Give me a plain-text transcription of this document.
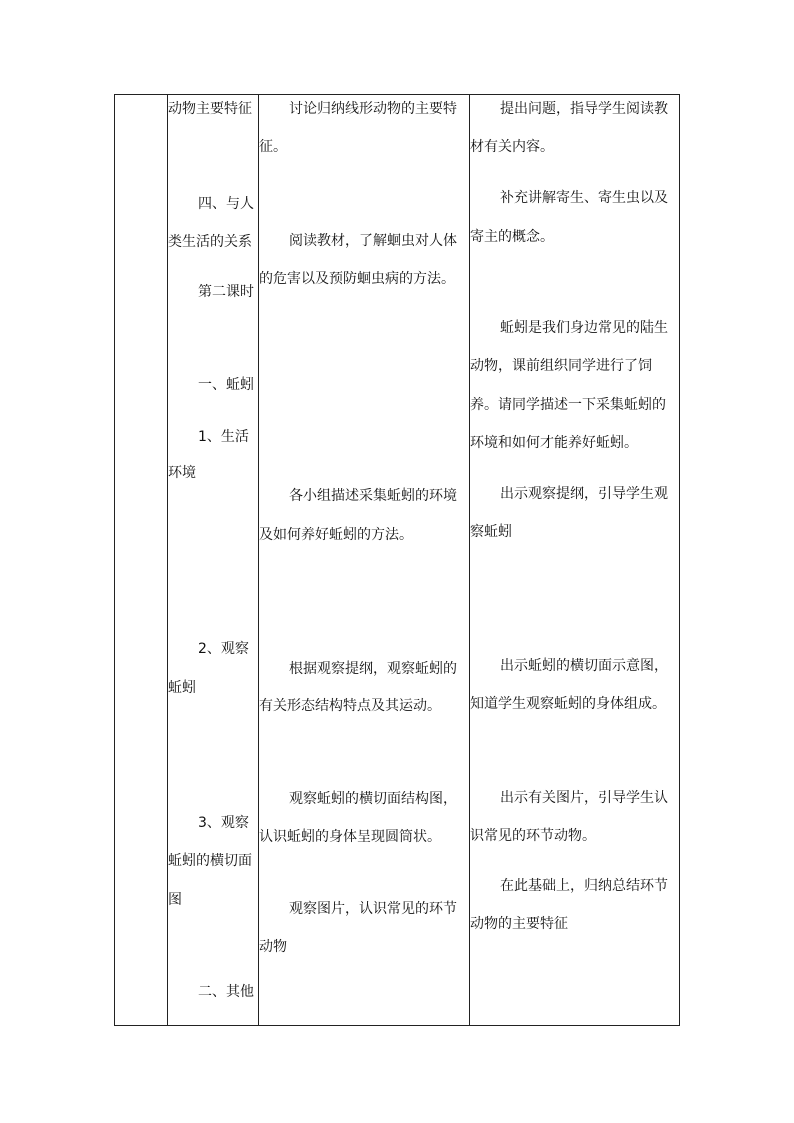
动物主要特征
四、与人
类生活的关系
第二课时
一、蚯蚓
1、生活
环境
2、观察
蚯蚓
3、观察
蚯蚓的横切面
图
二、其他
讨论归纳线形动物的主要特
征。
阅读教材，了解蛔虫对人体
的危害以及预防蛔虫病的方法。
各小组描述采集蚯蚓的环境
及如何养好蚯蚓的方法。
根据观察提纲，观察蚯蚓的
有关形态结构特点及其运动。
观察蚯蚓的横切面结构图，
认识蚯蚓的身体呈现圆筒状。
观察图片，认识常见的环节
动物
提出问题，指导学生阅读教
材有关内容。
补充讲解寄生、寄生虫以及
寄主的概念。
蚯蚓是我们身边常见的陆生
动物，课前组织同学进行了饲
养。请同学描述一下采集蚯蚓的
环境和如何才能养好蚯蚓。
出示观察提纲，引导学生观
察蚯蚓
出示蚯蚓的横切面示意图，
知道学生观察蚯蚓的身体组成。
出示有关图片，引导学生认
识常见的环节动物。
在此基础上，归纳总结环节
动物的主要特征
